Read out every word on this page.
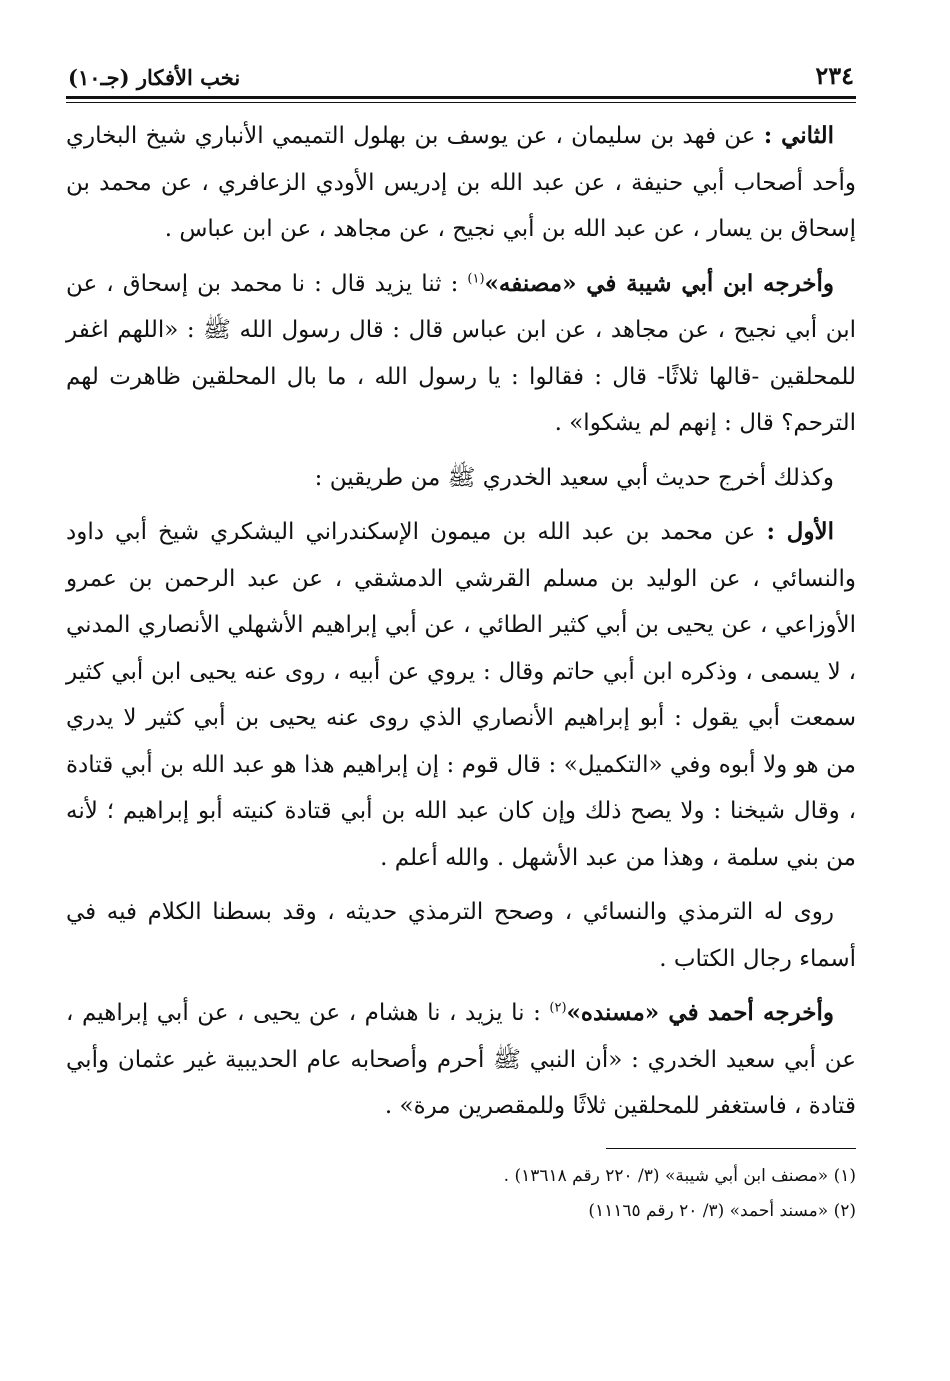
٢٣٤
نخب الأفكار (جـ١٠)

الثاني : عن فهد بن سليمان ، عن يوسف بن بهلول التميمي الأنباري شيخ البخاري وأحد أصحاب أبي حنيفة ، عن عبد الله بن إدريس الأودي الزعافري ، عن محمد بن إسحاق بن يسار ، عن عبد الله بن أبي نجيح ، عن مجاهد ، عن ابن عباس .

وأخرجه ابن أبي شيبة في «مصنفه»$^{(١)}$ : ثنا يزيد قال : نا محمد بن إسحاق ، عن ابن أبي نجيح ، عن مجاهد ، عن ابن عباس قال : قال رسول الله ﷺ : «اللهم اغفر للمحلقين -قالها ثلاثًا- قال : فقالوا : يا رسول الله ، ما بال المحلقين ظاهرت لهم الترحم؟ قال : إنهم لم يشكوا» .

وكذلك أخرج حديث أبي سعيد الخدري ﷺ من طريقين :

الأول : عن محمد بن عبد الله بن ميمون الإسكندراني اليشكري شيخ أبي داود والنسائي ، عن الوليد بن مسلم القرشي الدمشقي ، عن عبد الرحمن بن عمرو الأوزاعي ، عن يحيى بن أبي كثير الطائي ، عن أبي إبراهيم الأشهلي الأنصاري المدني ، لا يسمى ، وذكره ابن أبي حاتم وقال : يروي عن أبيه ، روى عنه يحيى ابن أبي كثير سمعت أبي يقول : أبو إبراهيم الأنصاري الذي روى عنه يحيى بن أبي كثير لا يدري من هو ولا أبوه وفي «التكميل» : قال قوم : إن إبراهيم هذا هو عبد الله بن أبي قتادة ، وقال شيخنا : ولا يصح ذلك وإن كان عبد الله بن أبي قتادة كنيته أبو إبراهيم ؛ لأنه من بني سلمة ، وهذا من عبد الأشهل . والله أعلم .

روى له الترمذي والنسائي ، وصحح الترمذي حديثه ، وقد بسطنا الكلام فيه في أسماء رجال الكتاب .

وأخرجه أحمد في «مسنده»$^{(٢)}$ : نا يزيد ، نا هشام ، عن يحيى ، عن أبي إبراهيم ، عن أبي سعيد الخدري : «أن النبي ﷺ أحرم وأصحابه عام الحديبية غير عثمان وأبي قتادة ، فاستغفر للمحلقين ثلاثًا وللمقصرين مرة» .

(١) «مصنف ابن أبي شيبة» (٣/ ٢٢٠ رقم ١٣٦١٨) .

(٢) «مسند أحمد» (٣/ ٢٠ رقم ١١١٦٥)
